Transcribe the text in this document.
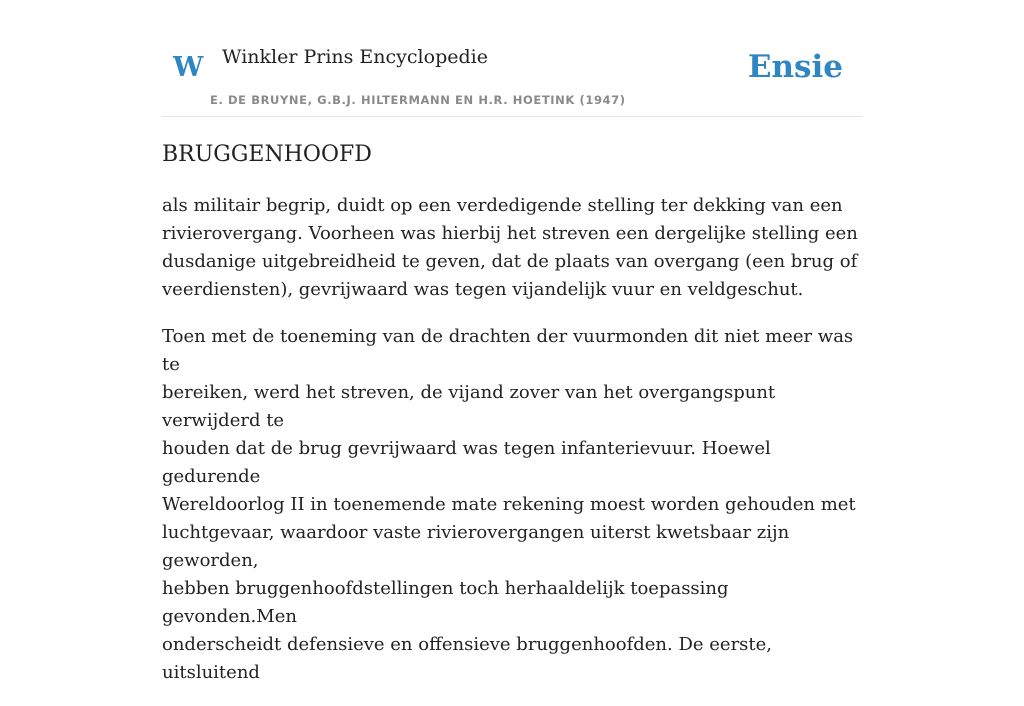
W Winkler Prins Encyclopedie
E. DE BRUYNE, G.B.J. HILTERMANN EN H.R. HOETINK (1947)
Ensie
BRUGGENHOOFD

als militair begrip, duidt op een verdedigende stelling ter dekking van een
rivierovergang. Voorheen was hierbij het streven een dergelijke stelling een
dusdanige uitgebreidheid te geven, dat de plaats van overgang (een brug of
veerdiensten), gevrijwaard was tegen vijandelijk vuur en veldgeschut.

Toen met de toeneming van de drachten der vuurmonden dit niet meer was te
bereiken, werd het streven, de vijand zover van het overgangspunt verwijderd te
houden dat de brug gevrijwaard was tegen infanterievuur. Hoewel gedurende
Wereldoorlog II in toenemende mate rekening moest worden gehouden met
luchtgevaar, waardoor vaste rivierovergangen uiterst kwetsbaar zijn geworden,
hebben bruggenhoofdstellingen toch herhaaldelijk toepassing gevonden.Men
onderscheidt defensieve en offensieve bruggenhoofden. De eerste, uitsluitend
